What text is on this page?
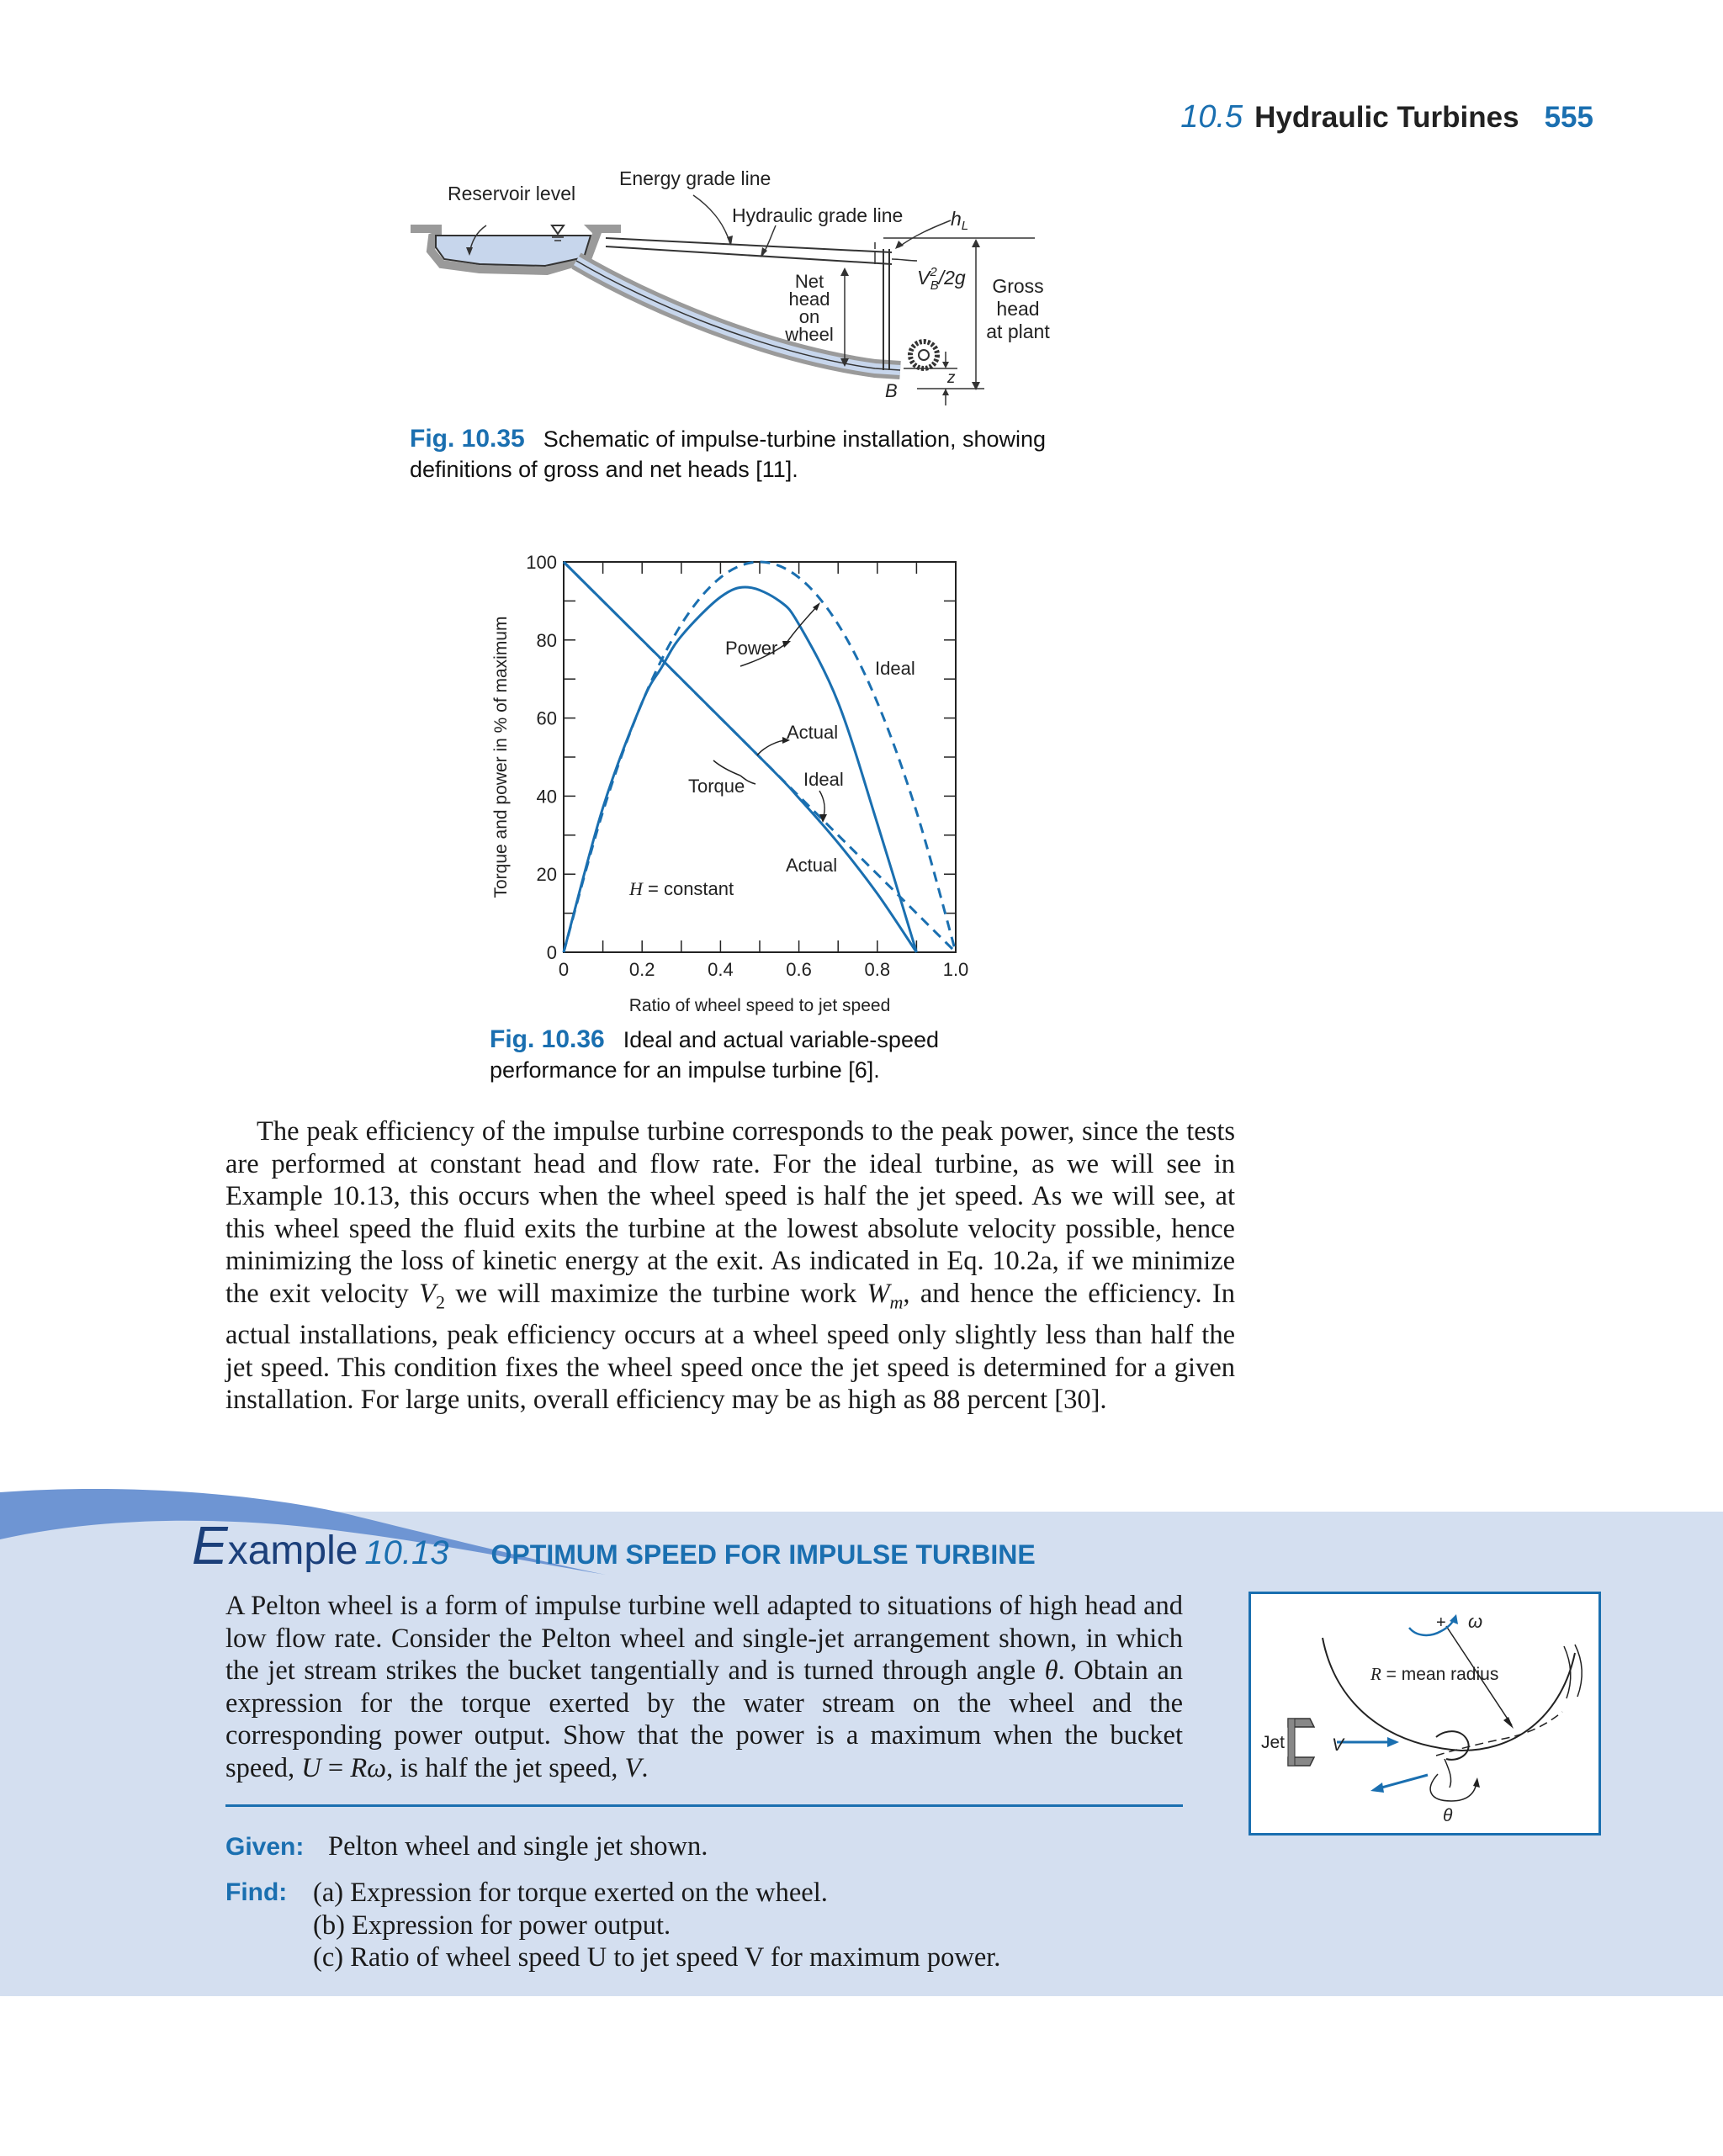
10.5 Hydraulic Turbines 555
Reservoir level
Energy grade line
Hydraulic grade line $h_L$
Net
head
on
wheel
$V^2$ B/2g Gross
head
at plant
z
B
Fig. 10.35 Schematic of impulse-turbine installation, showing definitions of gross and net heads [11].
0	0.2	0.4	0.6	0.8	1.0
0
20
40
60
80
100
Power
Ideal
Actual
Torque	Ideal
Actual
H = constant
Ratio of wheel speed to jet speed
Torque and power in % of maximum
Fig. 10.36 Ideal and actual variable-speed performance for an impulse turbine [6].
The peak efficiency of the impulse turbine corresponds to the peak power, since the tests are performed at constant head and flow rate. For the ideal turbine, as we will see in Example 10.13, this occurs when the wheel speed is half the jet speed. As we will see, at this wheel speed the fluid exits the turbine at the lowest absolute velocity possible, hence minimizing the loss of kinetic energy at the exit. As indicated in Eq. 10.2a, if we minimize the exit velocity $V_2$ we will maximize the turbine work $W_m$, and hence the efficiency. In actual installations, peak efficiency occurs at a wheel speed only slightly less than half the jet speed. This condition fixes the wheel speed once the jet speed is determined for a given installation. For large units, overall efficiency may be as high as 88 percent [30].
Example 10.13 OPTIMUM SPEED FOR IMPULSE TURBINE
A Pelton wheel is a form of impulse turbine well adapted to situations of high head and low flow rate. Consider the Pelton wheel and single-jet arrangement shown, in which the jet stream strikes the bucket tangentially and is turned through angle θ. Obtain an expression for the torque exerted by the water stream on the wheel and the corresponding power output. Show that the power is a maximum when the bucket speed, U = Rω, is half the jet speed, V.
Given: Pelton wheel and single jet shown.
Find: (a) Expression for torque exerted on the wheel.
(b) Expression for power output.
(c) Ratio of wheel speed U to jet speed V for maximum power.
+ ω
R = mean radius
Jet	V
θ
